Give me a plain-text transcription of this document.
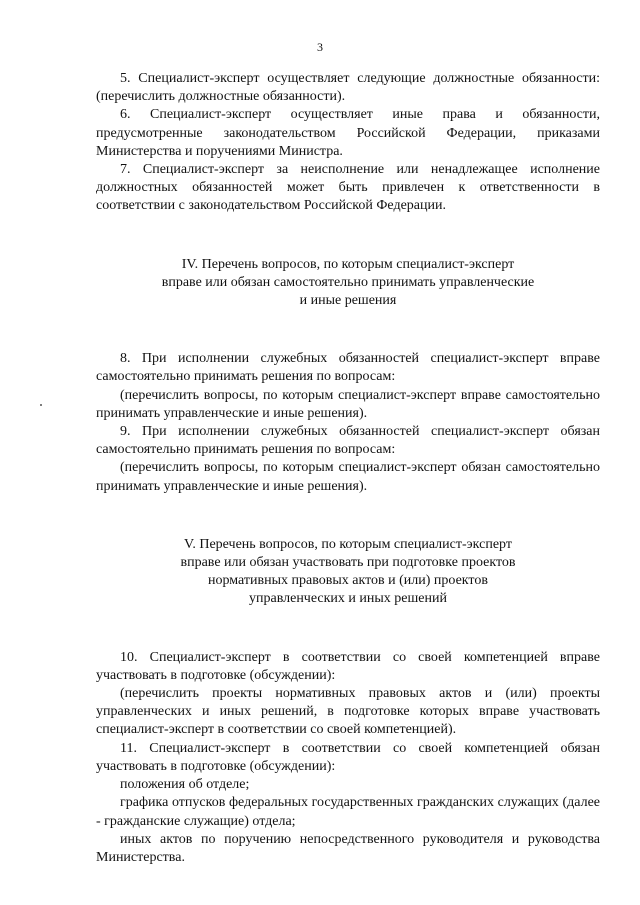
3

5. Специалист-эксперт осуществляет следующие должностные обязанности: (перечислить должностные обязанности).

6. Специалист-эксперт осуществляет иные права и обязанности, предусмотренные законодательством Российской Федерации, приказами Министерства и поручениями Министра.

7. Специалист-эксперт за неисполнение или ненадлежащее исполнение должностных обязанностей может быть привлечен к ответственности в соответствии с законодательством Российской Федерации.

IV. Перечень вопросов, по которым специалист-эксперт

вправе или обязан самостоятельно принимать управленческие

и иные решения

8. При исполнении служебных обязанностей специалист-эксперт вправе самостоятельно принимать решения по вопросам:

(перечислить вопросы, по которым специалист-эксперт вправе самостоятельно принимать управленческие и иные решения).

9. При исполнении служебных обязанностей специалист-эксперт обязан самостоятельно принимать решения по вопросам:

(перечислить вопросы, по которым специалист-эксперт обязан самостоятельно принимать управленческие и иные решения).

V. Перечень вопросов, по которым специалист-эксперт

вправе или обязан участвовать при подготовке проектов

нормативных правовых актов и (или) проектов

управленческих и иных решений

10. Специалист-эксперт в соответствии со своей компетенцией вправе участвовать в подготовке (обсуждении):

(перечислить проекты нормативных правовых актов и (или) проекты управленческих и иных решений, в подготовке которых вправе участвовать специалист-эксперт в соответствии со своей компетенцией).

11. Специалист-эксперт в соответствии со своей компетенцией обязан участвовать в подготовке (обсуждении):

положения об отделе;

графика отпусков федеральных государственных гражданских служащих (далее - гражданские служащие) отдела;

иных актов по поручению непосредственного руководителя и руководства Министерства.
